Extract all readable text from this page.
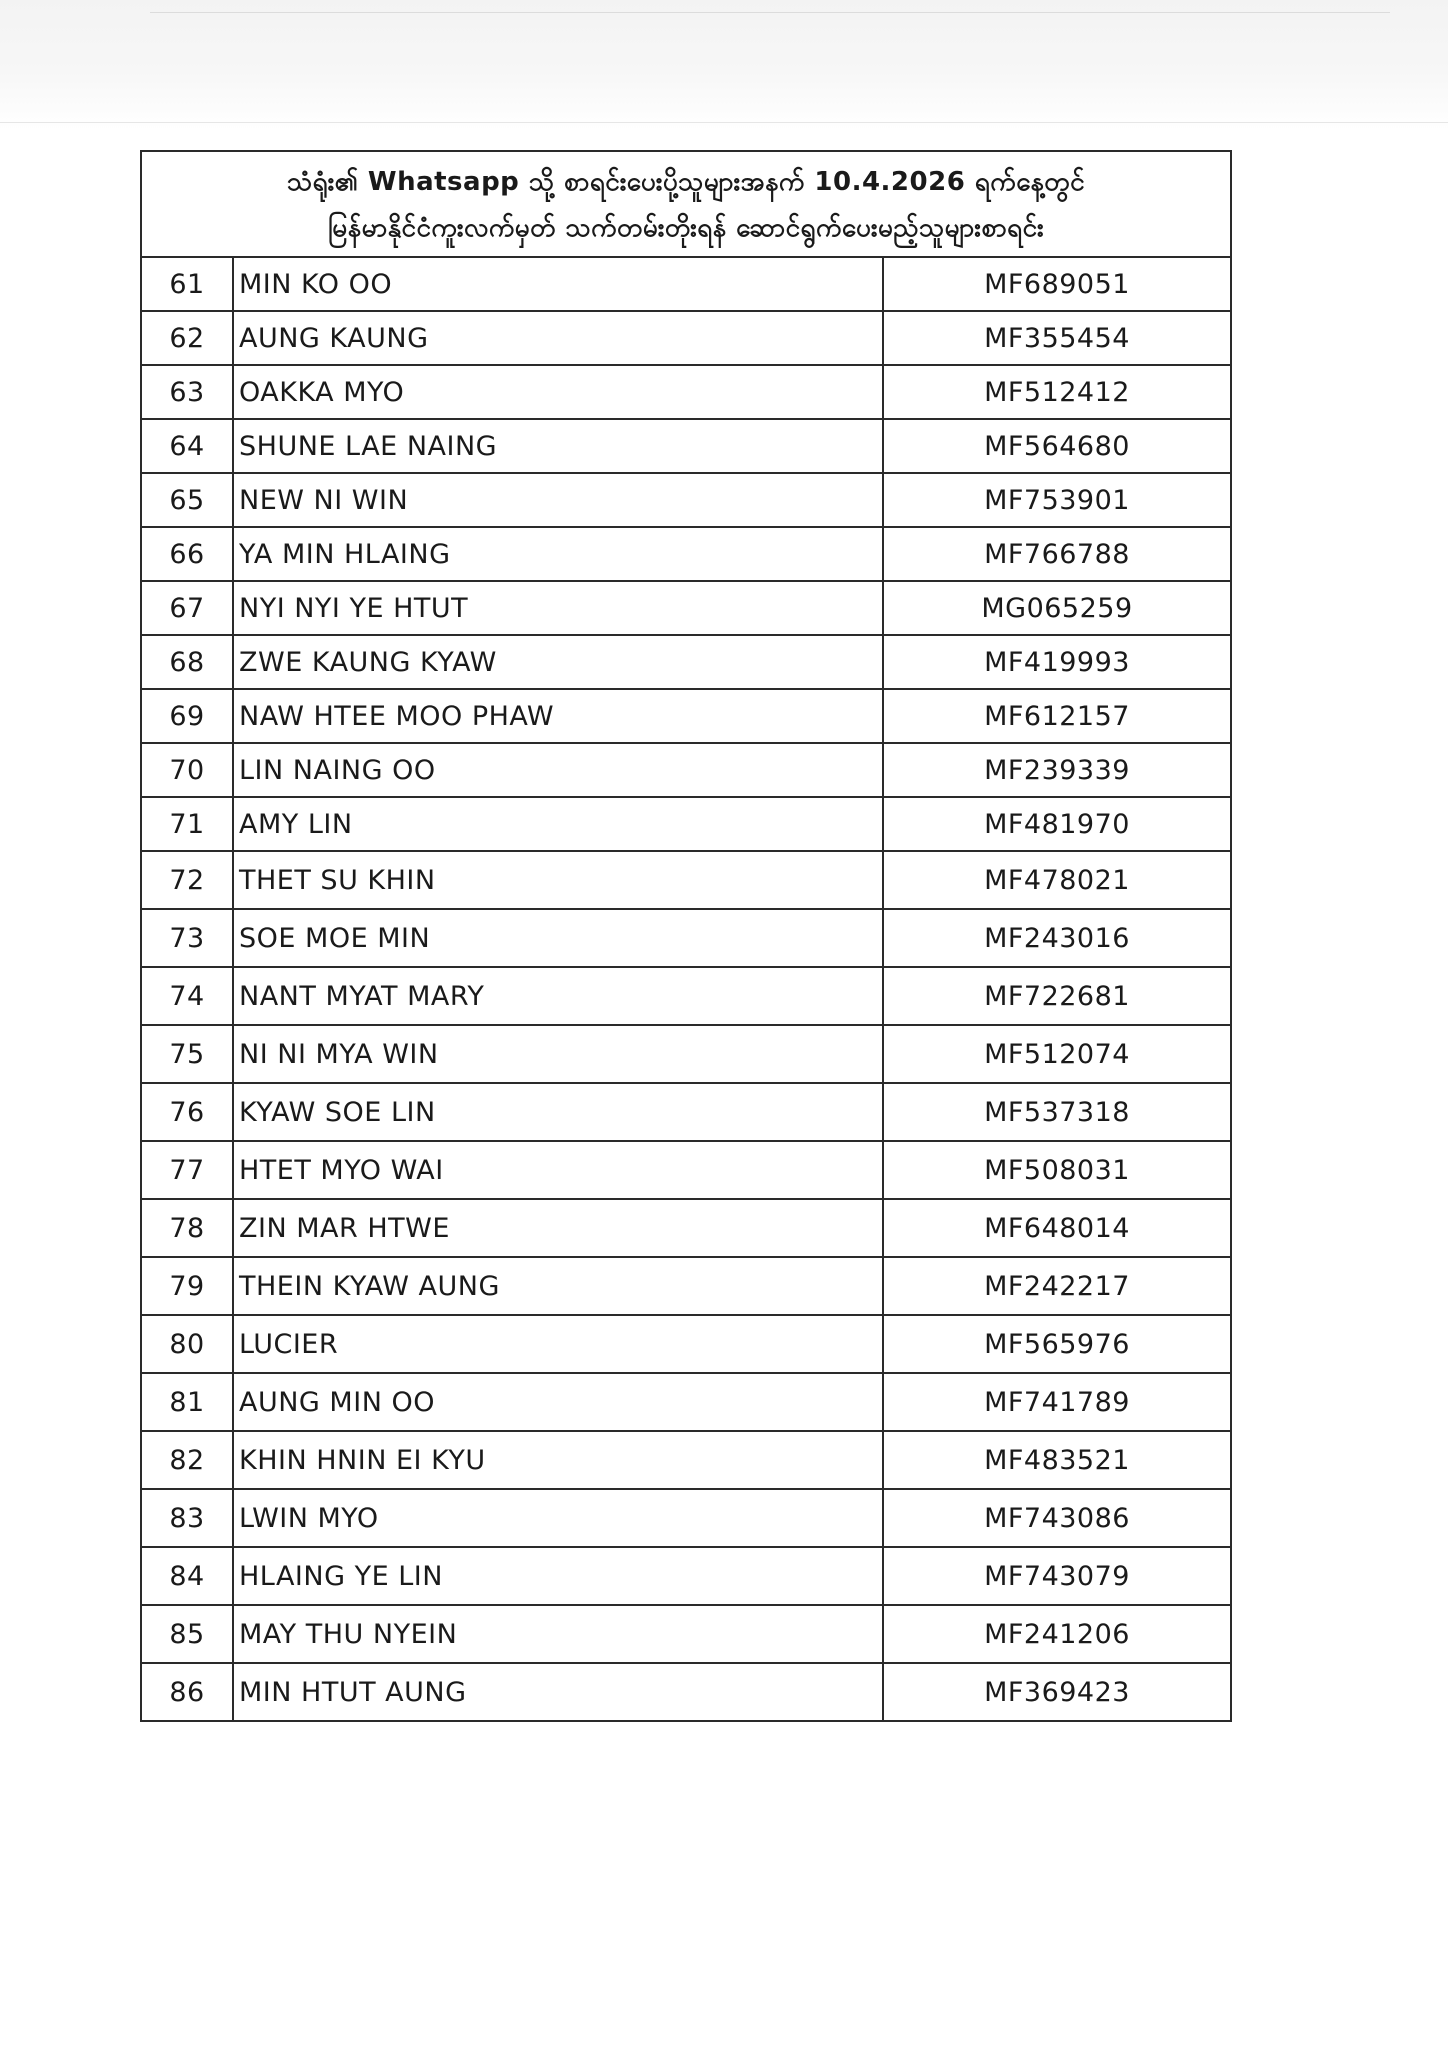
သံရုံး၏ Whatsapp သို့ စာရင်းပေးပို့သူများအနက် 10.4.2026 ရက်နေ့တွင်
မြန်မာနိုင်ငံကူးလက်မှတ် သက်တမ်းတိုးရန် ဆောင်ရွက်ပေးမည့်သူများစာရင်း		

61	MIN KO OO	MF689051
62	AUNG KAUNG	MF355454
63	OAKKA MYO	MF512412
64	SHUNE LAE NAING	MF564680
65	NEW NI WIN	MF753901
66	YA MIN HLAING	MF766788
67	NYI NYI YE HTUT	MG065259
68	ZWE KAUNG KYAW	MF419993
69	NAW HTEE MOO PHAW	MF612157
70	LIN NAING OO	MF239339
71	AMY LIN	MF481970
72	THET SU KHIN	MF478021
73	SOE MOE MIN	MF243016
74	NANT MYAT MARY	MF722681
75	NI NI MYA WIN	MF512074
76	KYAW SOE LIN	MF537318
77	HTET MYO WAI	MF508031
78	ZIN MAR HTWE	MF648014
79	THEIN KYAW AUNG	MF242217
80	LUCIER	MF565976
81	AUNG MIN OO	MF741789
82	KHIN HNIN EI KYU	MF483521
83	LWIN MYO	MF743086
84	HLAING YE LIN	MF743079
85	MAY THU NYEIN	MF241206
86	MIN HTUT AUNG	MF369423
